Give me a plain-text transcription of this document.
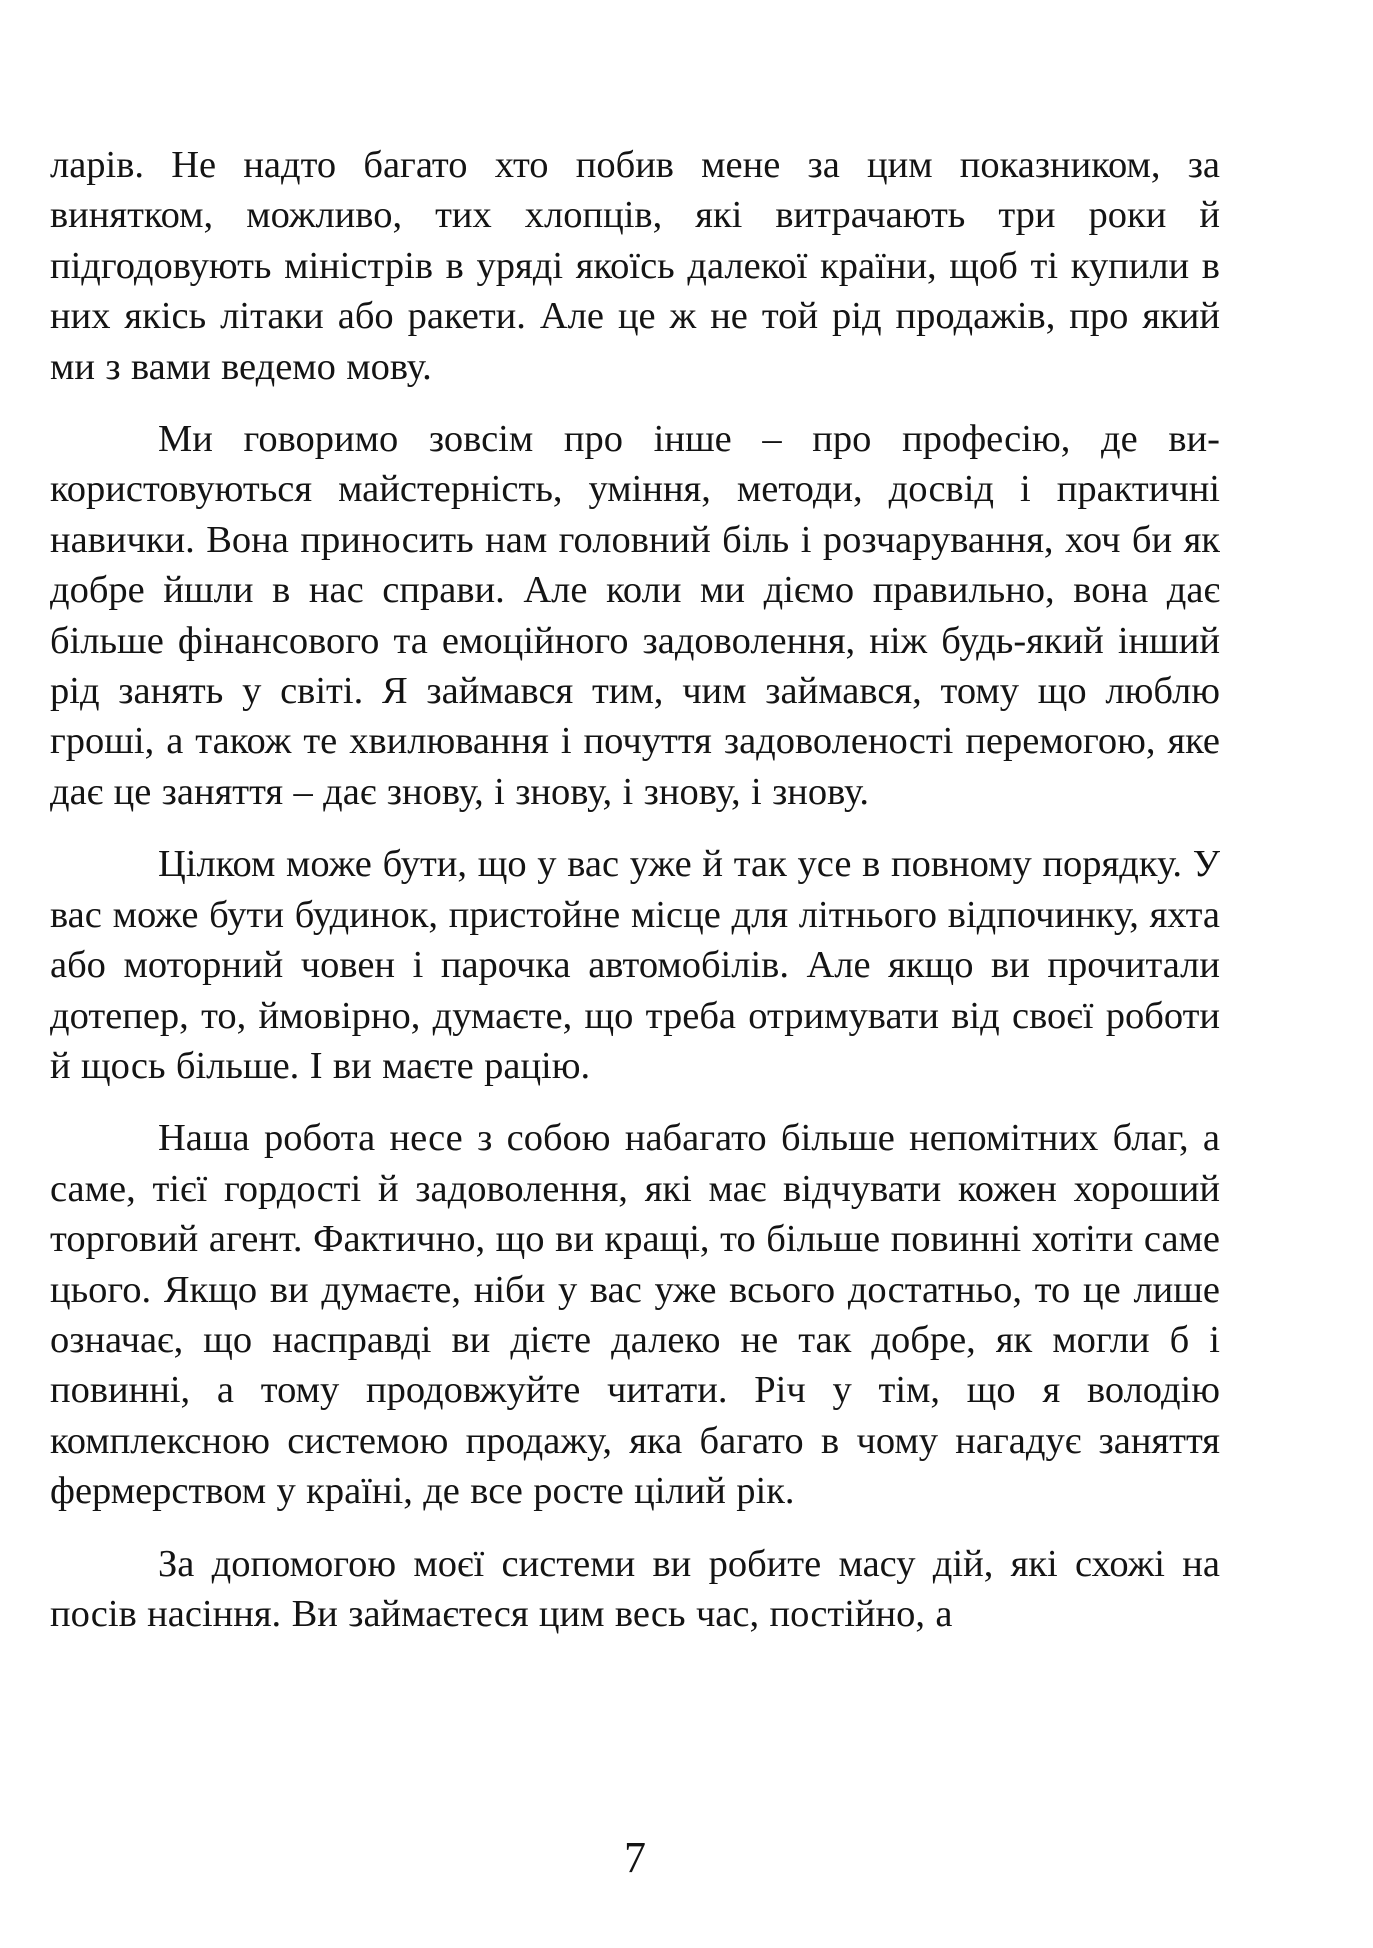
ларів. Не надто багато хто побив мене за цим показником, за винятком, можливо, тих хлопців, які витрачають три роки й підгодовують міністрів в уряді якоїсь далекої країни, щоб ті купили в них якісь літаки або ракети. Але це ж не той рід продажів, про який ми з вами ведемо мову.

Ми говоримо зовсім про інше – про професію, де використовуються майстерність, уміння, методи, досвід і практичні навички. Вона приносить нам головний біль і розчарування, хоч би як добре йшли в нас справи. Але коли ми діємо правильно, вона дає більше фінансового та емоційного задоволення, ніж будь-який інший рід занять у світі. Я займався тим, чим займався, тому що люблю гроші, а також те хвилювання і почуття задоволеності перемогою, яке дає це заняття – дає знову, і знову, і знову, і знову.

Цілком може бути, що у вас уже й так усе в повному порядку. У вас може бути будинок, пристойне місце для літнього відпочинку, яхта або моторний човен і парочка автомобілів. Але якщо ви прочитали дотепер, то, ймовірно, думаєте, що треба отримувати від своєї роботи й щось більше. І ви маєте рацію.

Наша робота несе з собою набагато більше непомітних благ, а саме, тієї гордості й задоволення, які має відчувати кожен хороший торговий агент. Фактично, що ви кращі, то більше повинні хотіти саме цього. Якщо ви думаєте, ніби у вас уже всього достатньо, то це лише означає, що насправді ви дієте далеко не так добре, як могли б і повинні, а тому продовжуйте читати. Річ у тім, що я володію комплексною системою продажу, яка багато в чому нагадує заняття фермерством у країні, де все росте цілий рік.

За допомогою моєї системи ви робите масу дій, які схожі на посів насіння. Ви займаєтеся цим весь час, постійно, а

7
